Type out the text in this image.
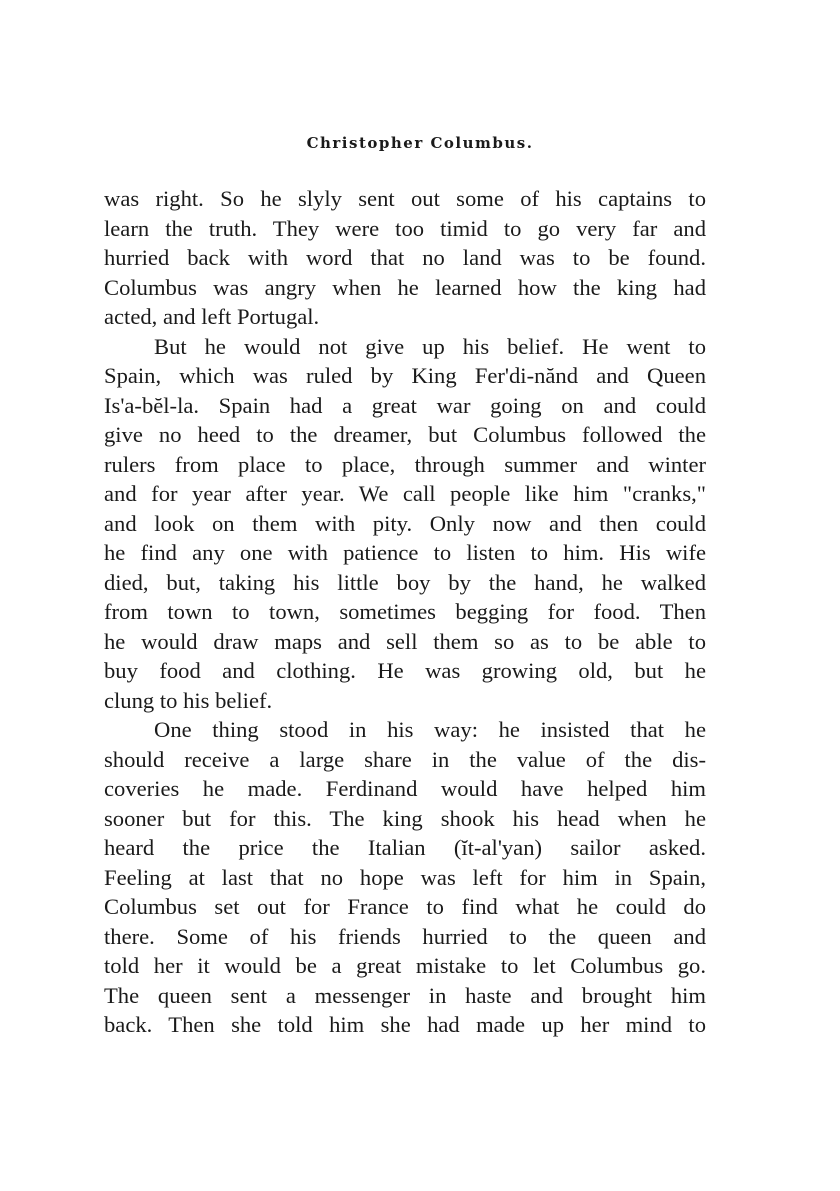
Christopher Columbus.
was right. So he slyly sent out some of his captains to
learn the truth. They were too timid to go very far and
hurried back with word that no land was to be found.
Columbus was angry when he learned how the king had
acted, and left Portugal.
But he would not give up his belief. He went to
Spain, which was ruled by King Fer'di-nănd and Queen
Is'a-bĕl-la. Spain had a great war going on and could
give no heed to the dreamer, but Columbus followed the
rulers from place to place, through summer and winter
and for year after year. We call people like him "cranks,"
and look on them with pity. Only now and then could
he find any one with patience to listen to him. His wife
died, but, taking his little boy by the hand, he walked
from town to town, sometimes begging for food. Then
he would draw maps and sell them so as to be able to
buy food and clothing. He was growing old, but he
clung to his belief.
One thing stood in his way: he insisted that he
should receive a large share in the value of the dis-
coveries he made. Ferdinand would have helped him
sooner but for this. The king shook his head when he
heard the price the Italian (ĭt-al'yan) sailor asked.
Feeling at last that no hope was left for him in Spain,
Columbus set out for France to find what he could do
there. Some of his friends hurried to the queen and
told her it would be a great mistake to let Columbus go.
The queen sent a messenger in haste and brought him
back. Then she told him she had made up her mind to
